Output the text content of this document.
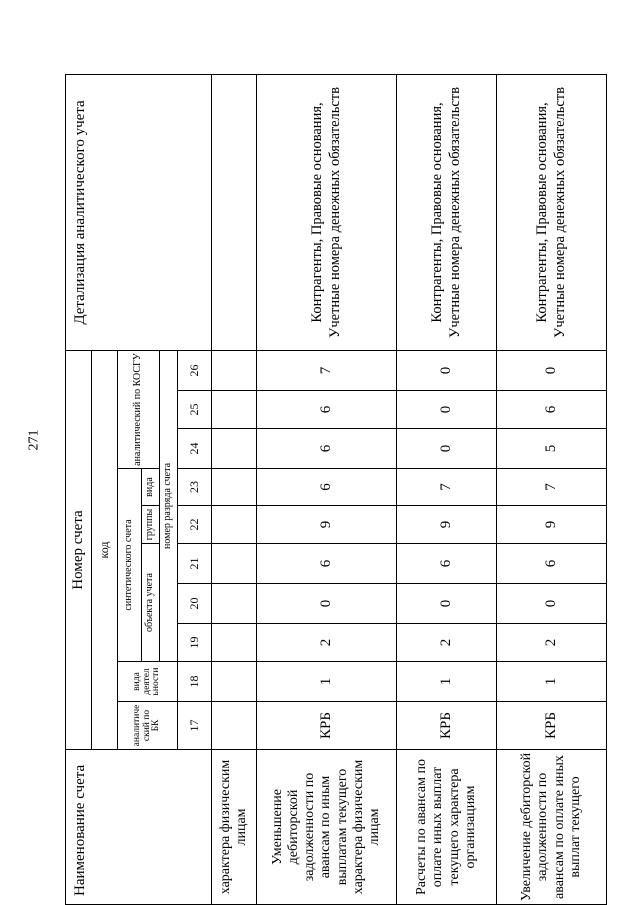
271
Наименование счета	Номер счета										Детализация аналитического учета
	код										
	аналитиче ский по БК	вида деятел ьности	синтетического счета					аналитический по КОСГУ			
			объекта учета			группы	вида				
			номер разряда счета								
	17	18	19	20	21	22	23	24	25	26	
характера физическим лицам											
Уменьшение дебиторской задолженности по авансам по иным выплатам текущего характера физическим лицам	КРБ	1	2	0	6	9	6	6	6	7	Контрагенты, Правовые основания, Учетные номера денежных обязательств
Расчеты по авансам по оплате иных выплат текущего характера организациям	КРБ	1	2	0	6	9	7	0	0	0	Контрагенты, Правовые основания, Учетные номера денежных обязательств
Увеличение дебиторской задолженности по авансам по оплате иных выплат текущего	КРБ	1	2	0	6	9	7	5	6	0	Контрагенты, Правовые основания, Учетные номера денежных обязательств
